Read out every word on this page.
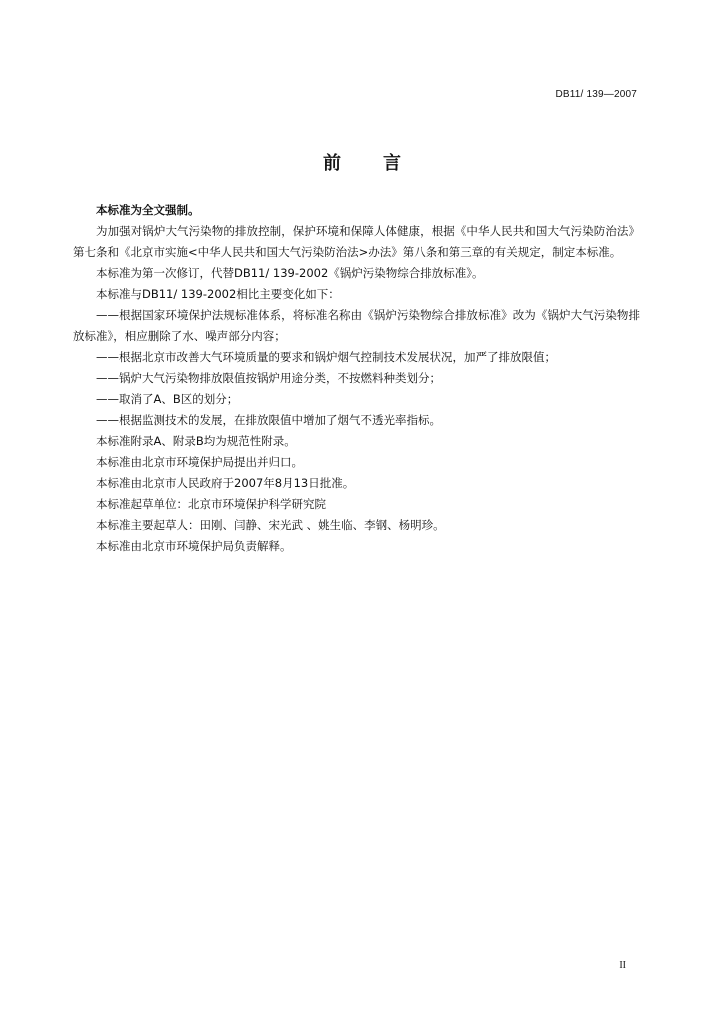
DB11/ 139—2007
前言

本标准为全文强制。

为加强对锅炉大气污染物的排放控制，保护环境和保障人体健康，根据《中华人民共和国大气污染防治法》第七条和《北京市实施<中华人民共和国大气污染防治法>办法》第八条和第三章的有关规定，制定本标准。

本标准为第一次修订，代替DB11/ 139-2002《锅炉污染物综合排放标准》。

本标准与DB11/ 139-2002相比主要变化如下：

——根据国家环境保护法规标准体系，将标准名称由《锅炉污染物综合排放标准》改为《锅炉大气污染物排放标准》，相应删除了水、噪声部分内容；

——根据北京市改善大气环境质量的要求和锅炉烟气控制技术发展状况，加严了排放限值；

——锅炉大气污染物排放限值按锅炉用途分类，不按燃料种类划分；

——取消了A、B区的划分；

——根据监测技术的发展，在排放限值中增加了烟气不透光率指标。

本标准附录A、附录B均为规范性附录。

本标准由北京市环境保护局提出并归口。

本标准由北京市人民政府于2007年8月13日批准。

本标准起草单位：北京市环境保护科学研究院

本标准主要起草人：田刚、闫静、宋光武 、姚生临、李钢、杨明珍。

本标准由北京市环境保护局负责解释。

II
